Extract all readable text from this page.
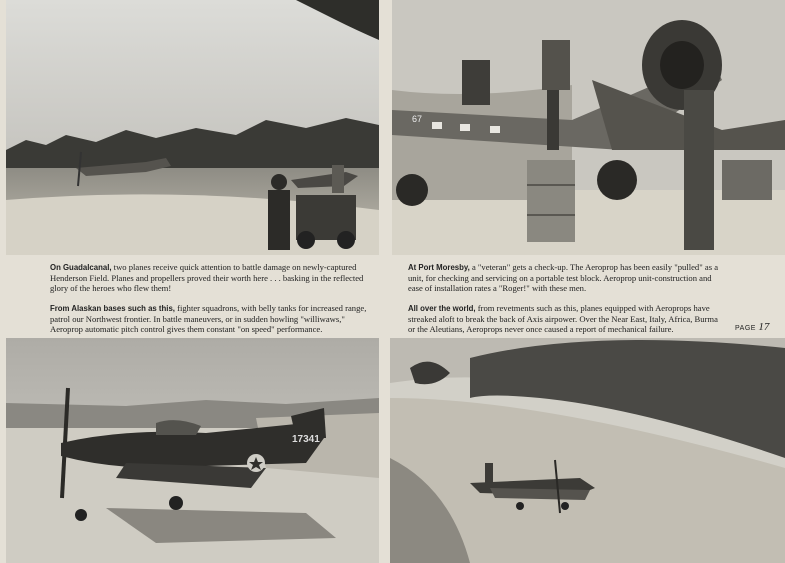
67

On Guadalcanal, two planes receive quick attention to battle damage on newly-captured Henderson Field. Planes and propellers proved their worth here . . . basking in the reflected glory of the heroes who flew them!

From Alaskan bases such as this, fighter squadrons, with belly tanks for increased range, patrol our Northwest frontier. In battle maneuvers, or in sudden howling "williwaws," Aeroprop automatic pitch control gives them constant "on speed" performance.

At Port Moresby, a "veteran" gets a check-up. The Aeroprop has been easily "pulled" as a unit, for checking and servicing on a portable test block. Aeroprop unit-construction and ease of installation rates a "Roger!" with these men.

All over the world, from revetments such as this, planes equipped with Aeroprops have streaked aloft to break the back of Axis airpower. Over the Near East, Italy, Africa, Burma or the Aleutians, Aeroprops never once caused a report of mechanical failure.	PAGE 17
17341
